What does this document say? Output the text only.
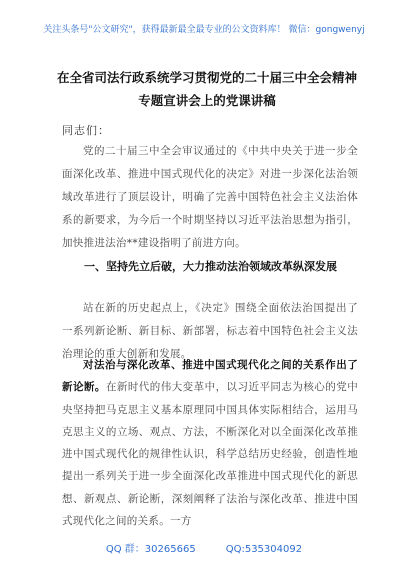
关注头条号"公文研究"，获得最新最全最专业的公文资料库！ 微信：gongwenyj
在全省司法行政系统学习贯彻党的二十届三中全会精神专题宣讲会上的党课讲稿
同志们：
党的二十届三中全会审议通过的《中共中央关于进一步全面深化改革、推进中国式现代化的决定》对进一步深化法治领域改革进行了顶层设计，明确了完善中国特色社会主义法治体系的新要求，为今后一个时期坚持以习近平法治思想为指引，加快推进法治**建设指明了前进方向。
一、坚持先立后破，大力推动法治领域改革纵深发展
站在新的历史起点上，《决定》围绕全面依法治国提出了一系列新论断、新目标、新部署，标志着中国特色社会主义法治理论的重大创新和发展。
对法治与深化改革、推进中国式现代化之间的关系作出了新论断。在新时代的伟大变革中，以习近平同志为核心的党中央坚持把马克思主义基本原理同中国具体实际相结合，运用马克思主义的立场、观点、方法，不断深化对以全面深化改革推进中国式现代化的规律性认识，科学总结历史经验，创造性地提出一系列关于进一步全面深化改革推进中国式现代化的新思想、新观点、新论断，深刻阐释了法治与深化改革、推进中国式现代化之间的关系。一方
QQ 群：30265665	QQ:535304092
